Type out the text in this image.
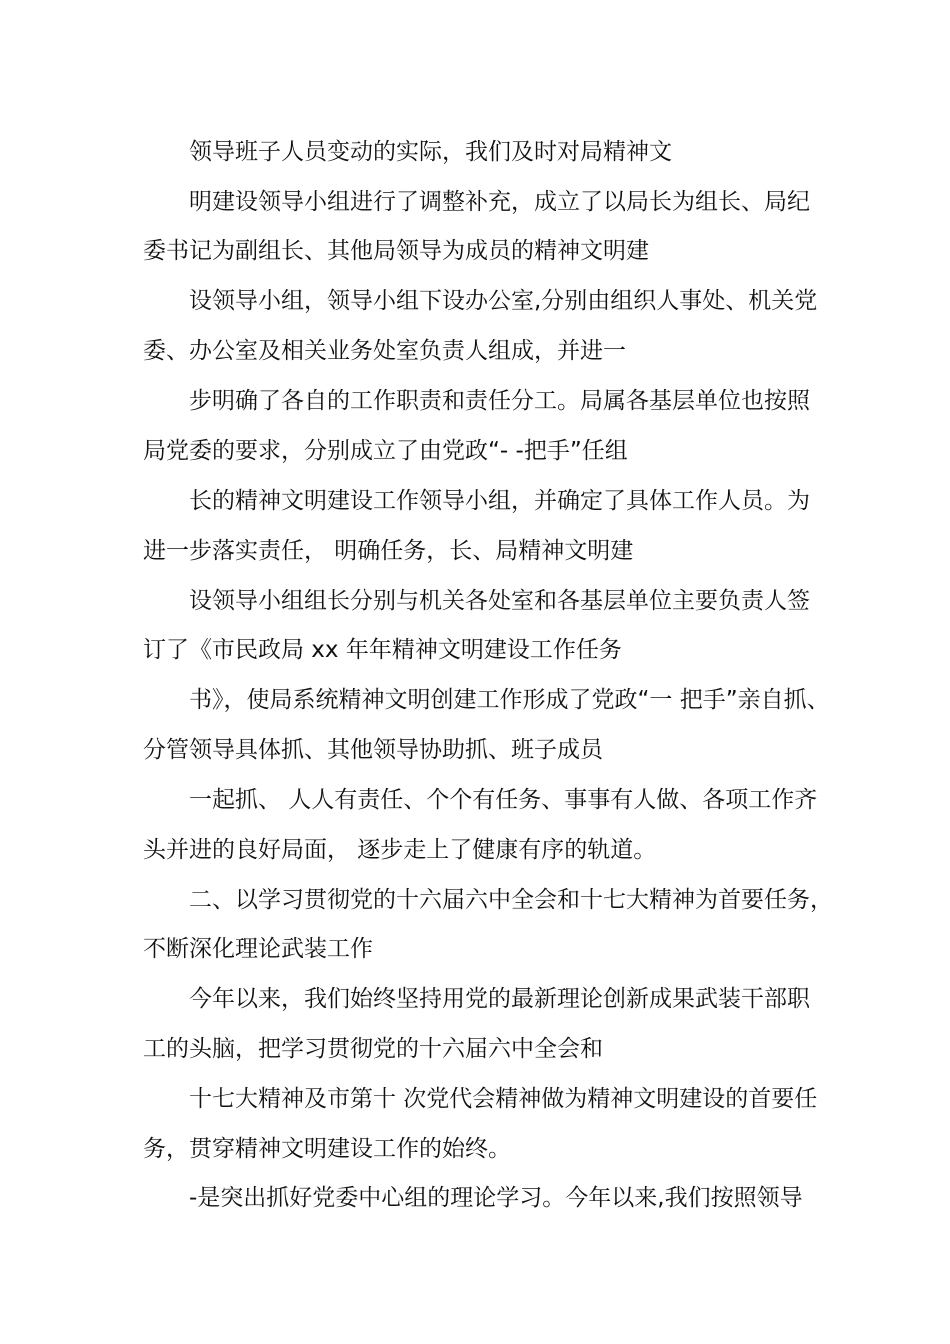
领导班子人员变动的实际，我们及时对局精神文
明建设领导小组进行了调整补充，成立了以局长为组长、局纪
委书记为副组长、其他局领导为成员的精神文明建
设领导小组，领导小组下设办公室,分别由组织人事处、机关党
委、办公室及相关业务处室负责人组成，并进一
步明确了各自的工作职责和责任分工。局属各基层单位也按照
局党委的要求，分别成立了由党政“- -把手”任组
长的精神文明建设工作领导小组，并确定了具体工作人员。为
进一步落实责任， 明确任务，长、局精神文明建
设领导小组组长分别与机关各处室和各基层单位主要负责人签
订了《市民政局 xx 年年精神文明建设工作任务
书》，使局系统精神文明创建工作形成了党政“一 把手”亲自抓、
分管领导具体抓、其他领导协助抓、班子成员
一起抓、 人人有责任、个个有任务、事事有人做、各项工作齐
头并进的良好局面， 逐步走上了健康有序的轨道。
二、以学习贯彻党的十六届六中全会和十七大精神为首要任务，
不断深化理论武装工作
今年以来，我们始终坚持用党的最新理论创新成果武装干部职
工的头脑，把学习贯彻党的十六届六中全会和
十七大精神及市第十 次党代会精神做为精神文明建设的首要任
务，贯穿精神文明建设工作的始终。
-是突出抓好党委中心组的理论学习。今年以来,我们按照领导
